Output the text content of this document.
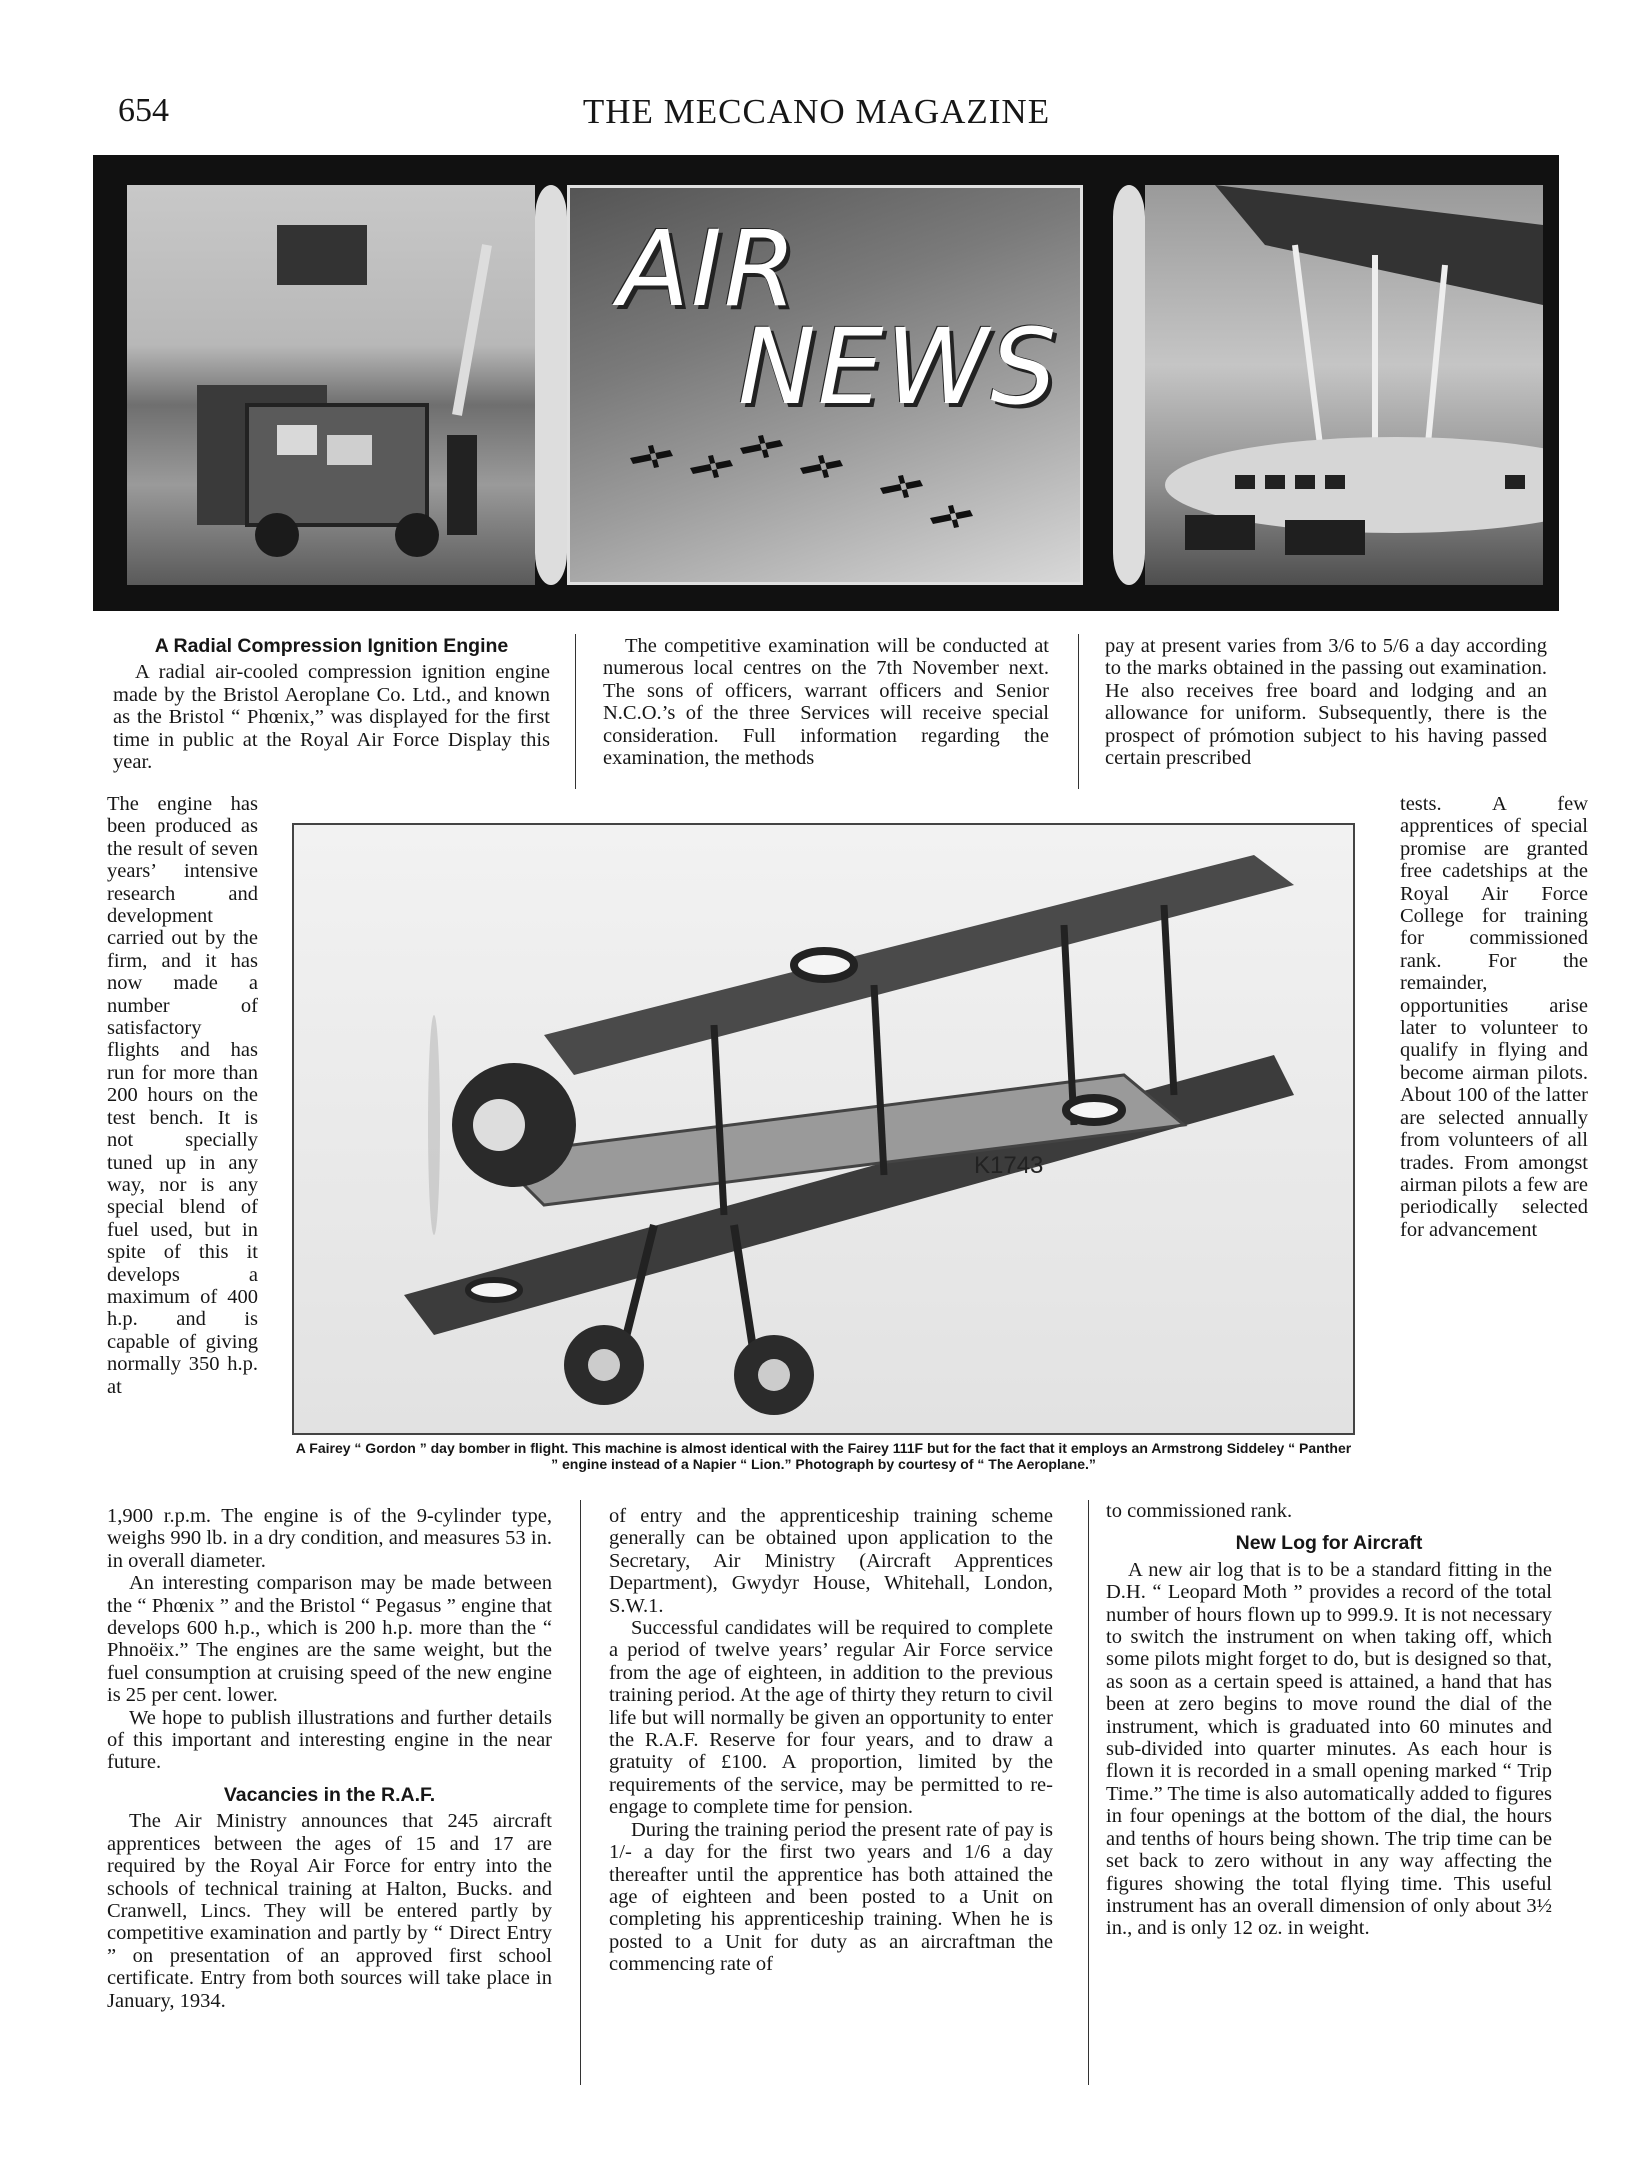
654	THE MECCANO MAGAZINE
AIR
NEWS
A Radial Compression Ignition Engine

A radial air-cooled compression ignition engine made by the Bristol Aeroplane Co. Ltd., and known as the Bristol “ Phœnix,” was displayed for the first time in public at the Royal Air Force Display this year.

The engine has been produced as the result of seven years’ intensive research and development carried out by the firm, and it has now made a number of satisfactory flights and has run for more than 200 hours on the test bench. It is not specially tuned up in any way, nor is any special blend of fuel used, but in spite of this it develops a maximum of 400 h.p. and is capable of giving normally 350 h.p. at

1,900 r.p.m. The engine is of the 9-cylinder type, weighs 990 lb. in a dry condition, and measures 53 in. in overall diameter.

An interesting comparison may be made between the “ Phœnix ” and the Bristol “ Pegasus ” engine that develops 600 h.p., which is 200 h.p. more than the “ Phnoëix.” The engines are the same weight, but the fuel consumption at cruising speed of the new engine is 25 per cent. lower.

We hope to publish illustrations and further details of this important and interesting engine in the near future.

Vacancies in the R.A.F.

The Air Ministry announces that 245 aircraft apprentices between the ages of 15 and 17 are required by the Royal Air Force for entry into the schools of technical training at Halton, Bucks. and Cranwell, Lincs. They will be entered partly by competitive examination and partly by “ Direct Entry ” on presentation of an approved first school certificate. Entry from both sources will take place in January, 1934.

The competitive examination will be conducted at numerous local centres on the 7th November next. The sons of officers, warrant officers and Senior N.C.O.’s of the three Services will receive special consideration. Full information regarding the examination, the methods

of entry and the apprenticeship training scheme generally can be obtained upon application to the Secretary, Air Ministry (Aircraft Apprentices Department), Gwydyr House, Whitehall, London, S.W.1.

Successful candidates will be required to complete a period of twelve years’ regular Air Force service from the age of eighteen, in addition to the previous training period. At the age of thirty they return to civil life but will normally be given an opportunity to enter the R.A.F. Reserve for four years, and to draw a gratuity of £100. A proportion, limited by the requirements of the service, may be permitted to re-engage to complete time for pension.

During the training period the present rate of pay is 1/- a day for the first two years and 1/6 a day thereafter until the apprentice has both attained the age of eighteen and been posted to a Unit on completing his apprenticeship training. When he is posted to a Unit for duty as an aircraftman the commencing rate of

pay at present varies from 3/6 to 5/6 a day according to the marks obtained in the passing out examination. He also receives free board and lodging and an allowance for uniform. Subsequently, there is the prospect of prómotion subject to his having passed certain prescribed

tests. A few apprentices of special promise are granted free cadetships at the Royal Air Force College for training for commissioned rank. For the remainder, opportunities arise later to volunteer to qualify in flying and become airman pilots. About 100 of the latter are selected annually from volunteers of all trades. From amongst airman pilots a few are periodically selected for advancement

to commissioned rank.

New Log for Aircraft

A new air log that is to be a standard fitting in the D.H. “ Leopard Moth ” provides a record of the total number of hours flown up to 999.9. It is not necessary to switch the instrument on when taking off, which some pilots might forget to do, but is designed so that, as soon as a certain speed is attained, a hand that has been at zero begins to move round the dial of the instrument, which is graduated into 60 minutes and sub-divided into quarter minutes. As each hour is flown it is recorded in a small opening marked “ Trip Time.” The time is also automatically added to figures in four openings at the bottom of the dial, the hours and tenths of hours being shown. The trip time can be set back to zero without in any way affecting the figures showing the total flying time. This useful instrument has an overall dimension of only about 3½ in., and is only 12 oz. in weight.

K1743
A Fairey “ Gordon ” day bomber in flight. This machine is almost identical with the Fairey 111F but for the fact that it employs an Armstrong Siddeley “ Panther ” engine instead of a Napier “ Lion.” Photograph by courtesy of “ The Aeroplane.”
